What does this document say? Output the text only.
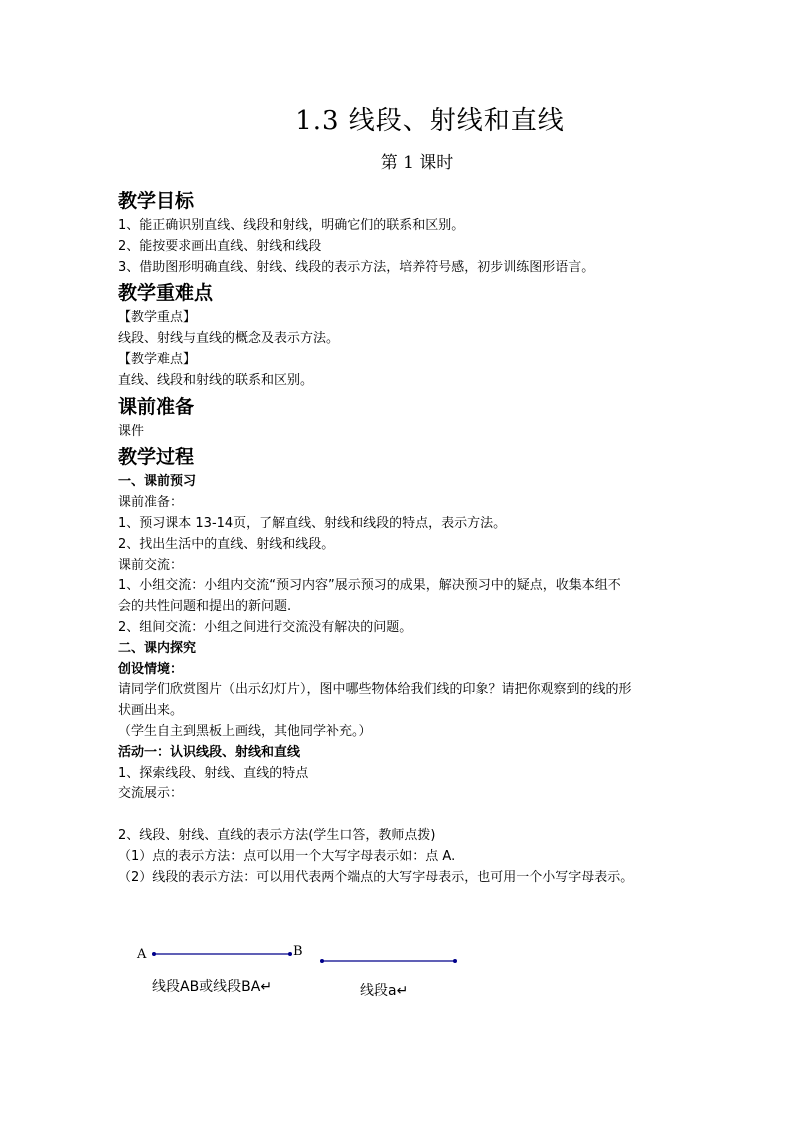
1.3 线段、射线和直线
第 1 课时
教学目标

1、能正确识别直线、线段和射线，明确它们的联系和区别。

2、能按要求画出直线、射线和线段

3、借助图形明确直线、射线、线段的表示方法，培养符号感，初步训练图形语言。

教学重难点

【教学重点】

线段、射线与直线的概念及表示方法。

【教学难点】

直线、线段和射线的联系和区别。

课前准备

课件

教学过程

一、课前预习

课前准备：

1、预习课本 13-14页，了解直线、射线和线段的特点，表示方法。

2、找出生活中的直线、射线和线段。

课前交流：

1、小组交流：小组内交流“预习内容”展示预习的成果，解决预习中的疑点，收集本组不

会的共性问题和提出的新问题.

2、组间交流：小组之间进行交流没有解决的问题。

二、课内探究

创设情境：

请同学们欣赏图片（出示幻灯片），图中哪些物体给我们线的印象？请把你观察到的线的形

状画出来。

（学生自主到黑板上画线，其他同学补充。）

活动一：认识线段、射线和直线

1、探索线段、射线、直线的特点

交流展示：

2、线段、射线、直线的表示方法(学生口答，教师点拨)

（1）点的表示方法：点可以用一个大写字母表示如：点 A.

（2）线段的表示方法：可以用代表两个端点的大写字母表示，也可用一个小写字母表示。

A	B
线段AB或线段BA↵	线段a↵
